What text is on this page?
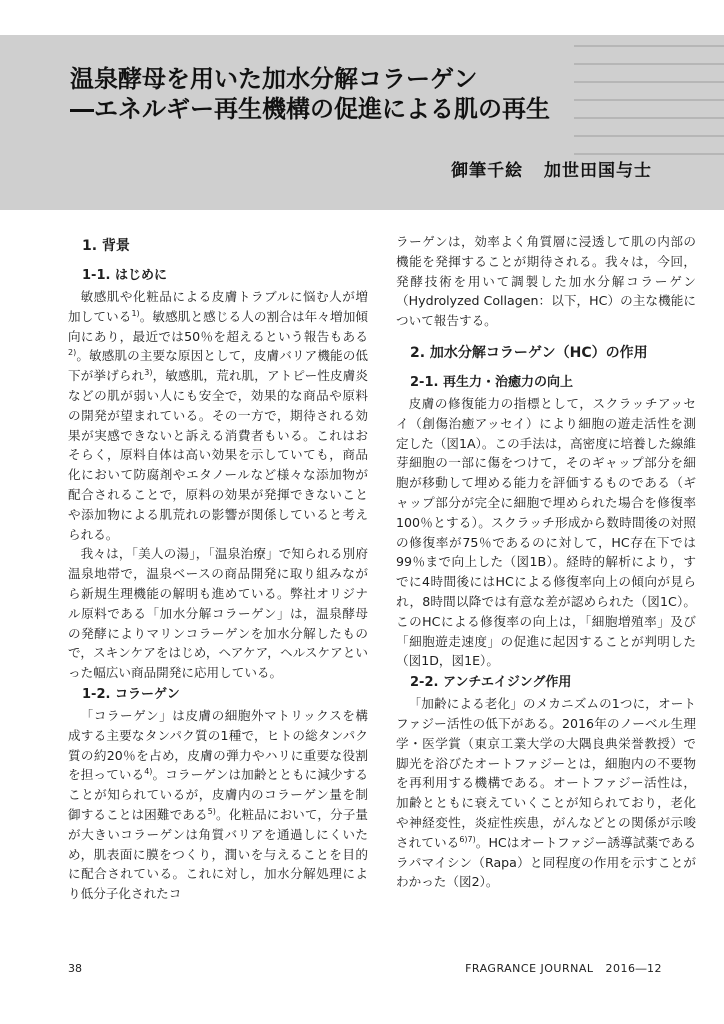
温泉酵母を用いた加水分解コラーゲン
―エネルギー再生機構の促進による肌の再生
御筆千絵 加世田国与士
1. 背景
1-1. はじめに

敏感肌や化粧品による皮膚トラブルに悩む人が増加している$^{1)}$。敏感肌と感じる人の割合は年々増加傾向にあり，最近では50％を超えるという報告もある$^{2)}$。敏感肌の主要な原因として，皮膚バリア機能の低下が挙げられ$^{3)}$，敏感肌，荒れ肌，アトピー性皮膚炎などの肌が弱い人にも安全で，効果的な商品や原料の開発が望まれている。その一方で，期待される効果が実感できないと訴える消費者もいる。これはおそらく，原料自体は高い効果を示していても，商品化において防腐剤やエタノールなど様々な添加物が配合されることで，原料の効果が発揮できないことや添加物による肌荒れの影響が関係していると考えられる。

我々は，「美人の湯」，「温泉治療」で知られる別府温泉地帯で，温泉ベースの商品開発に取り組みながら新規生理機能の解明も進めている。弊社オリジナル原料である「加水分解コラーゲン」は，温泉酵母の発酵によりマリンコラーゲンを加水分解したもので，スキンケアをはじめ，ヘアケア，ヘルスケアといった幅広い商品開発に応用している。

1-2. コラーゲン

「コラーゲン」は皮膚の細胞外マトリックスを構成する主要なタンパク質の1種で，ヒトの総タンパク質の約20％を占め，皮膚の弾力やハリに重要な役割を担っている$^{4)}$。コラーゲンは加齢とともに減少することが知られているが，皮膚内のコラーゲン量を制御することは困難である$^{5)}$。化粧品において，分子量が大きいコラーゲンは角質バリアを通過しにくいため，肌表面に膜をつくり，潤いを与えることを目的に配合されている。これに対し，加水分解処理により低分子化されたコ

ラーゲンは，効率よく角質層に浸透して肌の内部の機能を発揮することが期待される。我々は，今回，発酵技術を用いて調製した加水分解コラーゲン（Hydrolyzed Collagen：以下，HC）の主な機能について報告する。

2. 加水分解コラーゲン（HC）の作用
2-1. 再生力・治癒力の向上

皮膚の修復能力の指標として，スクラッチアッセイ（創傷治癒アッセイ）により細胞の遊走活性を測定した（図1A）。この手法は，高密度に培養した線維芽細胞の一部に傷をつけて，そのギャップ部分を細胞が移動して埋める能力を評価するものである（ギャップ部分が完全に細胞で埋められた場合を修復率100％とする）。スクラッチ形成から数時間後の対照の修復率が75％であるのに対して，HC存在下では99％まで向上した（図1B）。経時的解析により，すでに4時間後にはHCによる修復率向上の傾向が見られ，8時間以降では有意な差が認められた（図1C）。このHCによる修復率の向上は，「細胞増殖率」及び「細胞遊走速度」の促進に起因することが判明した（図1D，図1E）。

2-2. アンチエイジング作用

「加齢による老化」のメカニズムの1つに，オートファジー活性の低下がある。2016年のノーベル生理学・医学賞（東京工業大学の大隅良典栄誉教授）で脚光を浴びたオートファジーとは，細胞内の不要物を再利用する機構である。オートファジー活性は，加齢とともに衰えていくことが知られており，老化や神経変性，炎症性疾患，がんなどとの関係が示唆されている$^{6)7)}$。HCはオートファジー誘導試薬であるラパマイシン（Rapa）と同程度の作用を示すことがわかった（図2）。

38	FRAGRANCE JOURNAL 2016―12
